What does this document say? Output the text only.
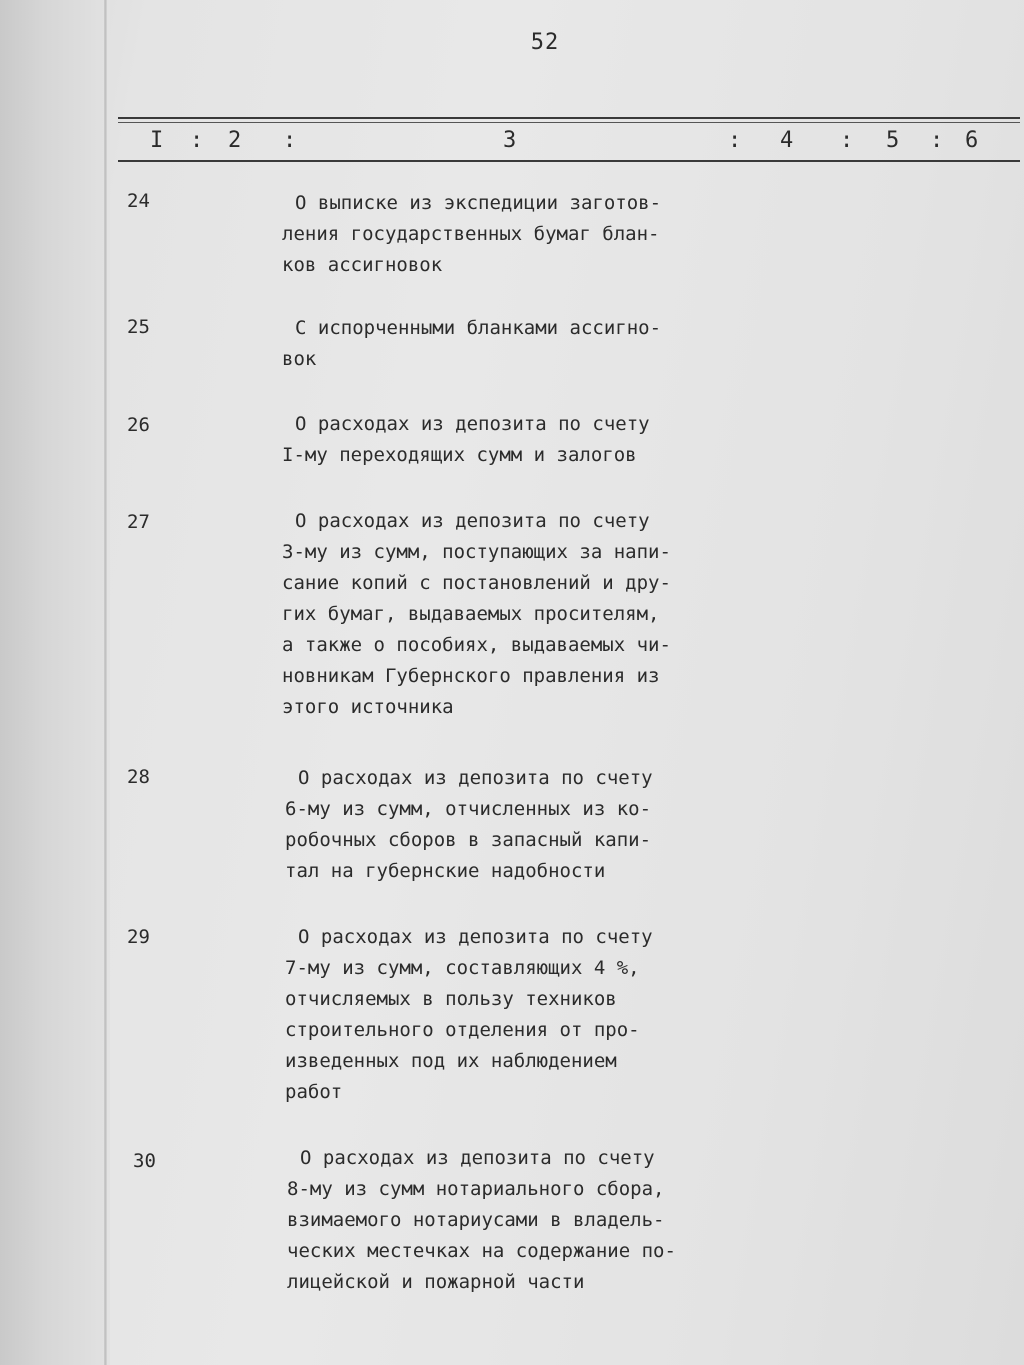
52
I : 2 :	3	: 4 : 5 : 6
24	О выписке из экспедиции заготов-
ления государственных бумаг блан-
ков ассигновок

25	С испорченными бланками ассигно-
вок

26	О расходах из депозита по счету
I-му переходящих сумм и залогов

27	О расходах из депозита по счету
3-му из сумм, поступающих за напи-
сание копий с постановлений и дру-
гих бумаг, выдаваемых просителям,
а также о пособиях, выдаваемых чи-
новникам Губернского правления из
этого источника

28	О расходах из депозита по счету
6-му из сумм, отчисленных из ко-
робочных сборов в запасный капи-
тал на губернские надобности

29	О расходах из депозита по счету
7-му из сумм, составляющих 4 %,
отчисляемых в пользу техников
строительного отделения от про-
изведенных под их наблюдением
работ

30	О расходах из депозита по счету
8-му из сумм нотариального сбора,
взимаемого нотариусами в владель-
ческих местечках на содержание по-
лицейской и пожарной части
